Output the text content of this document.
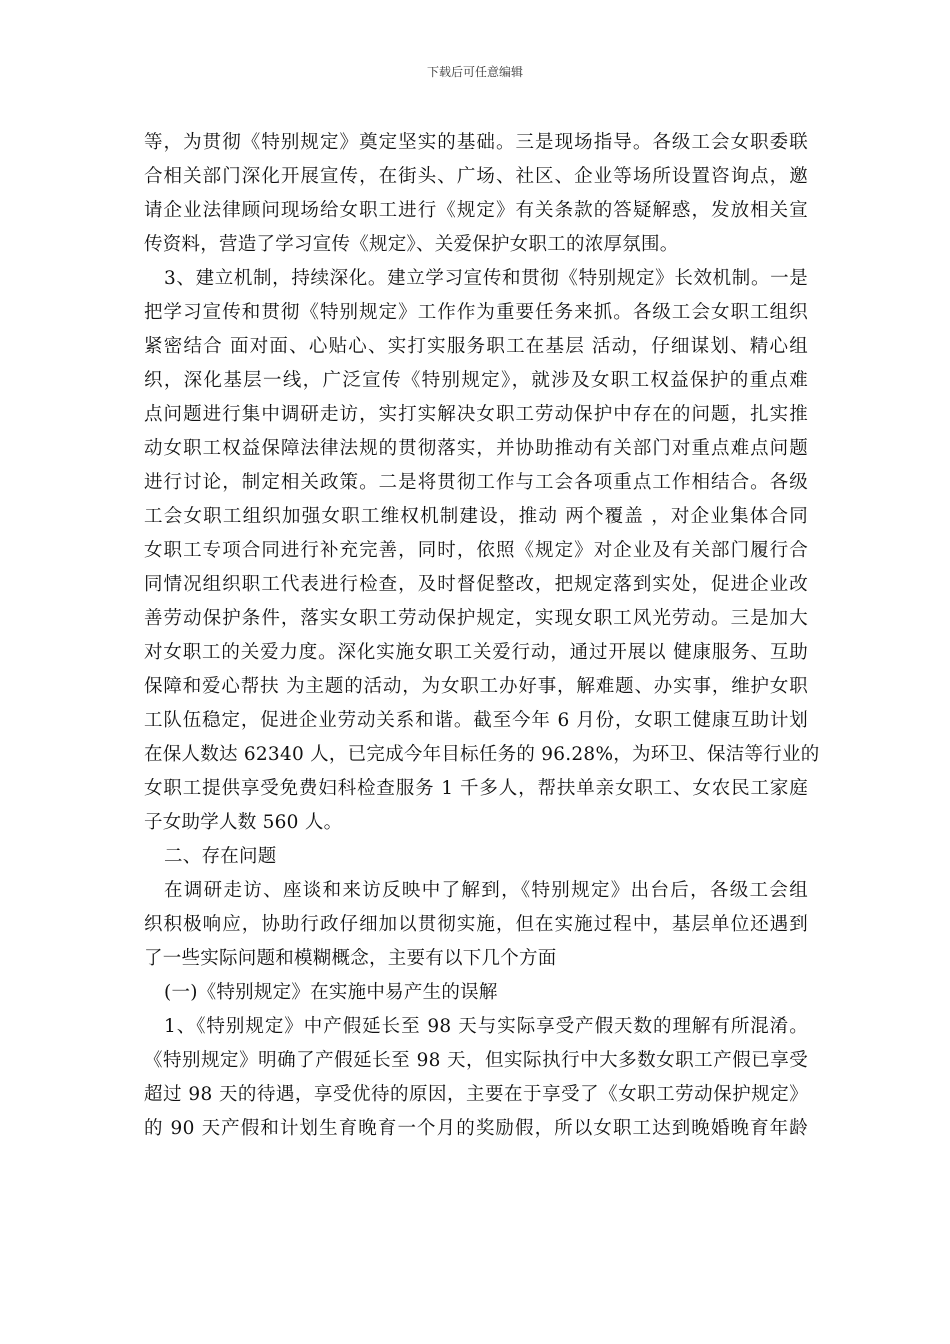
下载后可任意编辑
等，为贯彻《特别规定》奠定坚实的基础。三是现场指导。各级工会女职委联
合相关部门深化开展宣传，在街头、广场、社区、企业等场所设置咨询点，邀
请企业法律顾问现场给女职工进行《规定》有关条款的答疑解惑，发放相关宣
传资料，营造了学习宣传《规定》、关爱保护女职工的浓厚氛围。
3、建立机制，持续深化。建立学习宣传和贯彻《特别规定》长效机制。一是
把学习宣传和贯彻《特别规定》工作作为重要任务来抓。各级工会女职工组织
紧密结合 面对面、心贴心、实打实服务职工在基层 活动，仔细谋划、精心组
织，深化基层一线，广泛宣传《特别规定》，就涉及女职工权益保护的重点难
点问题进行集中调研走访，实打实解决女职工劳动保护中存在的问题，扎实推
动女职工权益保障法律法规的贯彻落实，并协助推动有关部门对重点难点问题
进行讨论，制定相关政策。二是将贯彻工作与工会各项重点工作相结合。各级
工会女职工组织加强女职工维权机制建设，推动 两个覆盖 ，对企业集体合同
女职工专项合同进行补充完善，同时，依照《规定》对企业及有关部门履行合
同情况组织职工代表进行检查，及时督促整改，把规定落到实处，促进企业改
善劳动保护条件，落实女职工劳动保护规定，实现女职工风光劳动。三是加大
对女职工的关爱力度。深化实施女职工关爱行动，通过开展以 健康服务、互助
保障和爱心帮扶 为主题的活动，为女职工办好事，解难题、办实事，维护女职
工队伍稳定，促进企业劳动关系和谐。截至今年 6 月份，女职工健康互助计划
在保人数达 62340 人，已完成今年目标任务的 96.28%，为环卫、保洁等行业的
女职工提供享受免费妇科检查服务 1 千多人，帮扶单亲女职工、女农民工家庭
子女助学人数 560 人。
二、存在问题
在调研走访、座谈和来访反映中了解到，《特别规定》出台后，各级工会组
织积极响应，协助行政仔细加以贯彻实施，但在实施过程中，基层单位还遇到
了一些实际问题和模糊概念，主要有以下几个方面
(一)《特别规定》在实施中易产生的误解
1、《特别规定》中产假延长至 98 天与实际享受产假天数的理解有所混淆。
《特别规定》明确了产假延长至 98 天，但实际执行中大多数女职工产假已享受
超过 98 天的待遇，享受优待的原因，主要在于享受了《女职工劳动保护规定》
的 90 天产假和计划生育晚育一个月的奖励假，所以女职工达到晚婚晚育年龄
